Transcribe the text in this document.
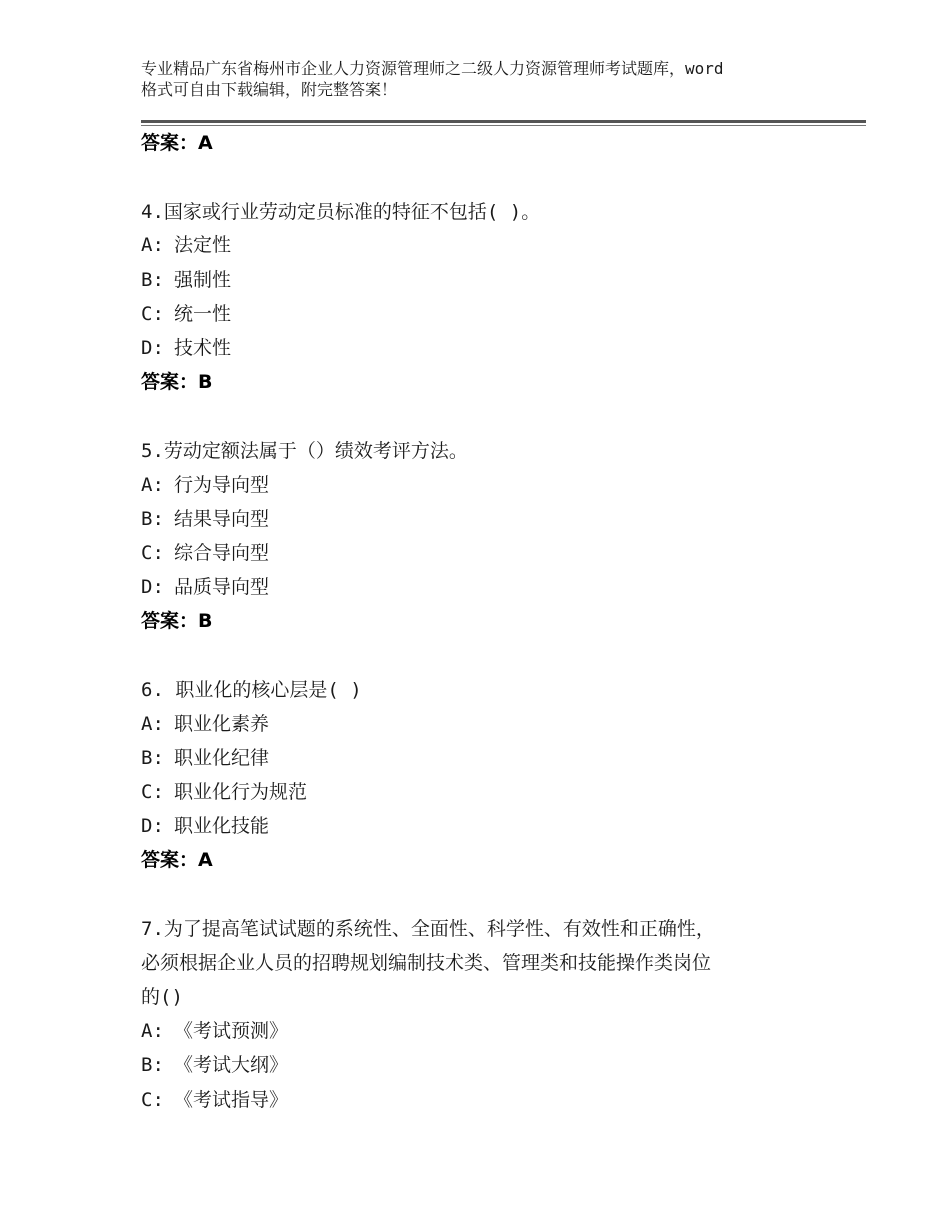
专业精品广东省梅州市企业人力资源管理师之二级人力资源管理师考试题库，word
格式可自由下载编辑，附完整答案！
答案：A
4.国家或行业劳动定员标准的特征不包括( )。
A: 法定性
B: 强制性
C: 统一性
D: 技术性
答案：B
5.劳动定额法属于（）绩效考评方法。
A: 行为导向型
B: 结果导向型
C: 综合导向型
D: 品质导向型
答案：B
6. 职业化的核心层是( )
A: 职业化素养
B: 职业化纪律
C: 职业化行为规范
D: 职业化技能
答案：A
7.为了提高笔试试题的系统性、全面性、科学性、有效性和正确性，
必须根据企业人员的招聘规划编制技术类、管理类和技能操作类岗位
的()
A: 《考试预测》
B: 《考试大纲》
C: 《考试指导》
